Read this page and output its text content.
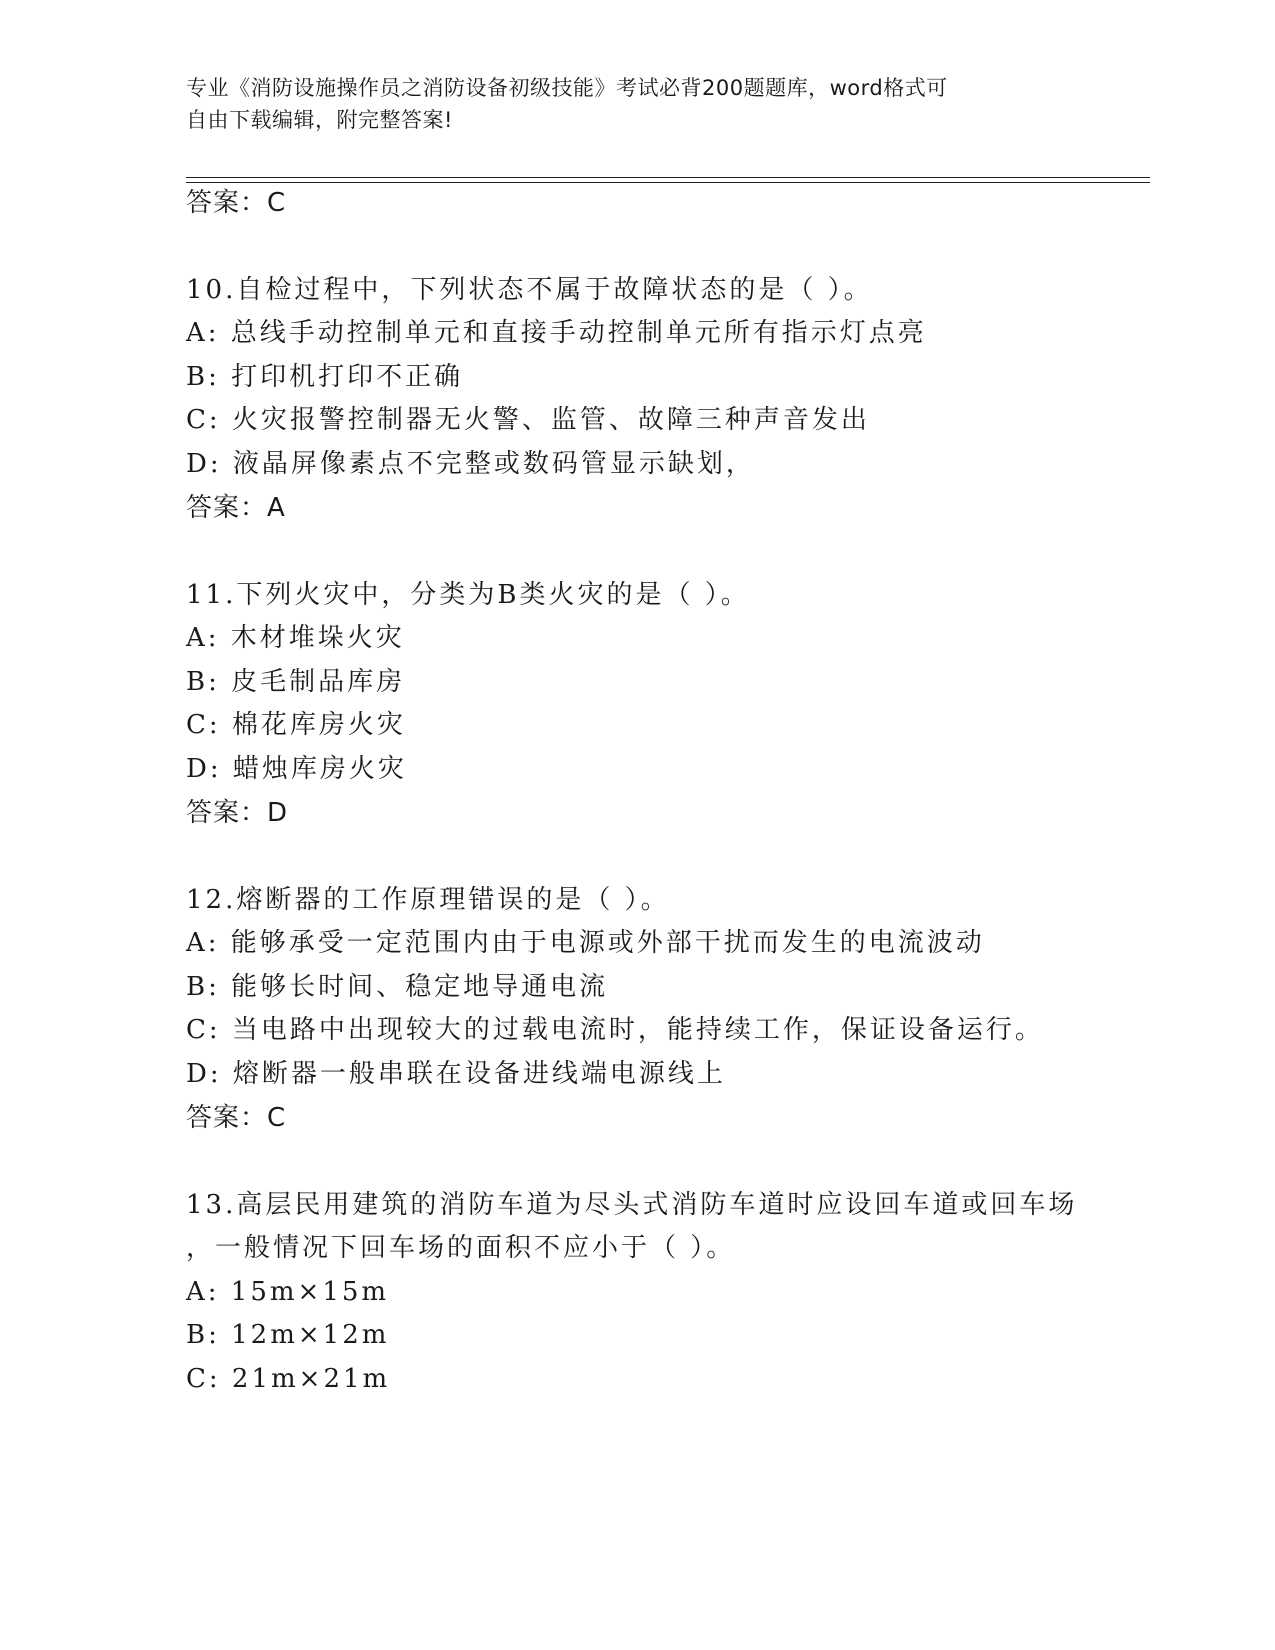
专业《消防设施操作员之消防设备初级技能》考试必背200题题库，word格式可
自由下载编辑，附完整答案!
答案：C
10.自检过程中，下列状态不属于故障状态的是（ ）。
A: 总线手动控制单元和直接手动控制单元所有指示灯点亮
B: 打印机打印不正确
C: 火灾报警控制器无火警、监管、故障三种声音发出
D: 液晶屏像素点不完整或数码管显示缺划，
答案：A
11.下列火灾中，分类为B类火灾的是（ ）。
A: 木材堆垛火灾
B: 皮毛制品库房
C: 棉花库房火灾
D: 蜡烛库房火灾
答案：D
12.熔断器的工作原理错误的是（ ）。
A: 能够承受一定范围内由于电源或外部干扰而发生的电流波动
B: 能够长时间、稳定地导通电流
C: 当电路中出现较大的过载电流时，能持续工作，保证设备运行。
D: 熔断器一般串联在设备进线端电源线上
答案：C
13.高层民用建筑的消防车道为尽头式消防车道时应设回车道或回车场
，一般情况下回车场的面积不应小于（ ）。
A: 15m×15m
B: 12m×12m
C: 21m×21m
